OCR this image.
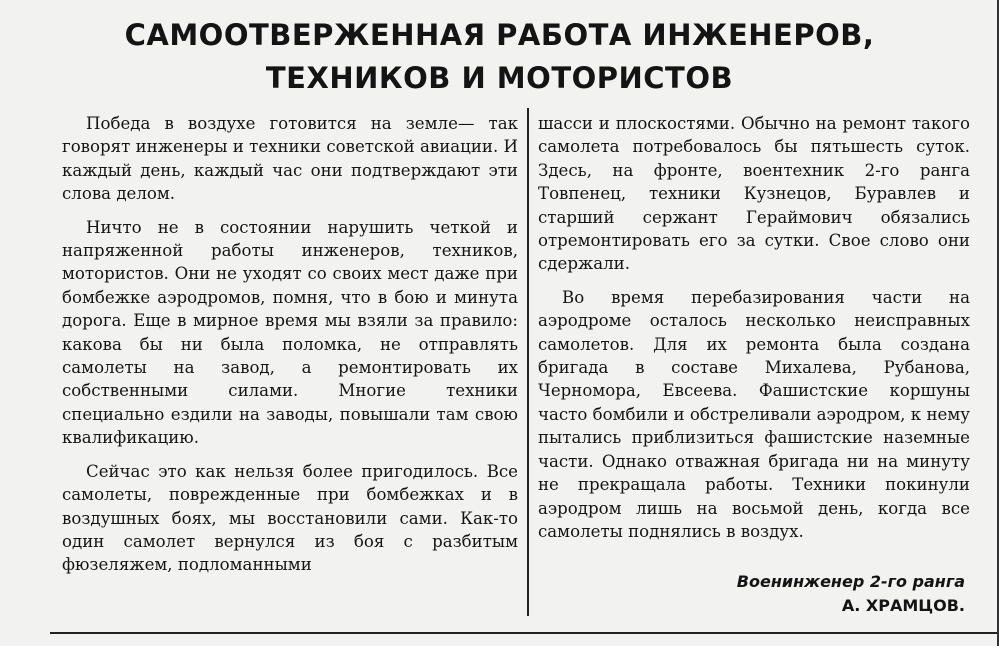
САМООТВЕРЖЕННАЯ РАБОТА ИНЖЕНЕРОВ,
ТЕХНИКОВ И МОТОРИСТОВ

Победа в воздухе готовится на земле— так говорят инженеры и техники советской авиации. И каждый день, каждый час они подтверждают эти слова делом.

Ничто не в состоянии нарушить четкой и напряженной работы инженеров, техников, мотористов. Они не уходят со своих мест даже при бомбежке аэродромов, помня, что в бою и минута дорога. Еще в мирное время мы взяли за правило: какова бы ни была поломка, не отправлять самолеты на завод, а ремонтировать их собственными силами. Многие техники специально ездили на заводы, повышали там свою квалификацию.

Сейчас это как нельзя более пригодилось. Все самолеты, поврежденные при бомбежках и в воздушных боях, мы восстановили сами. Как-то один самолет вернулся из боя с разбитым фюзеляжем, подломанными

шасси и плоскостями. Обычно на ремонт такого самолета потребовалось бы пятьшесть суток. Здесь, на фронте, воентехник 2-го ранга Товпенец, техники Кузнецов, Буравлев и старший сержант Гераймович обязались отремонтировать его за сутки. Свое слово они сдержали.

Во время перебазирования части на аэродроме осталось несколько неисправных самолетов. Для их ремонта была создана бригада в составе Михалева, Рубанова, Черномора, Евсеева. Фашистские коршуны часто бомбили и обстреливали аэродром, к нему пытались приблизиться фашистские наземные части. Однако отважная бригада ни на минуту не прекращала работы. Техники покинули аэродром лишь на восьмой день, когда все самолеты поднялись в воздух.

Военинженер 2-го ранга
А. ХРАМЦОВ.
